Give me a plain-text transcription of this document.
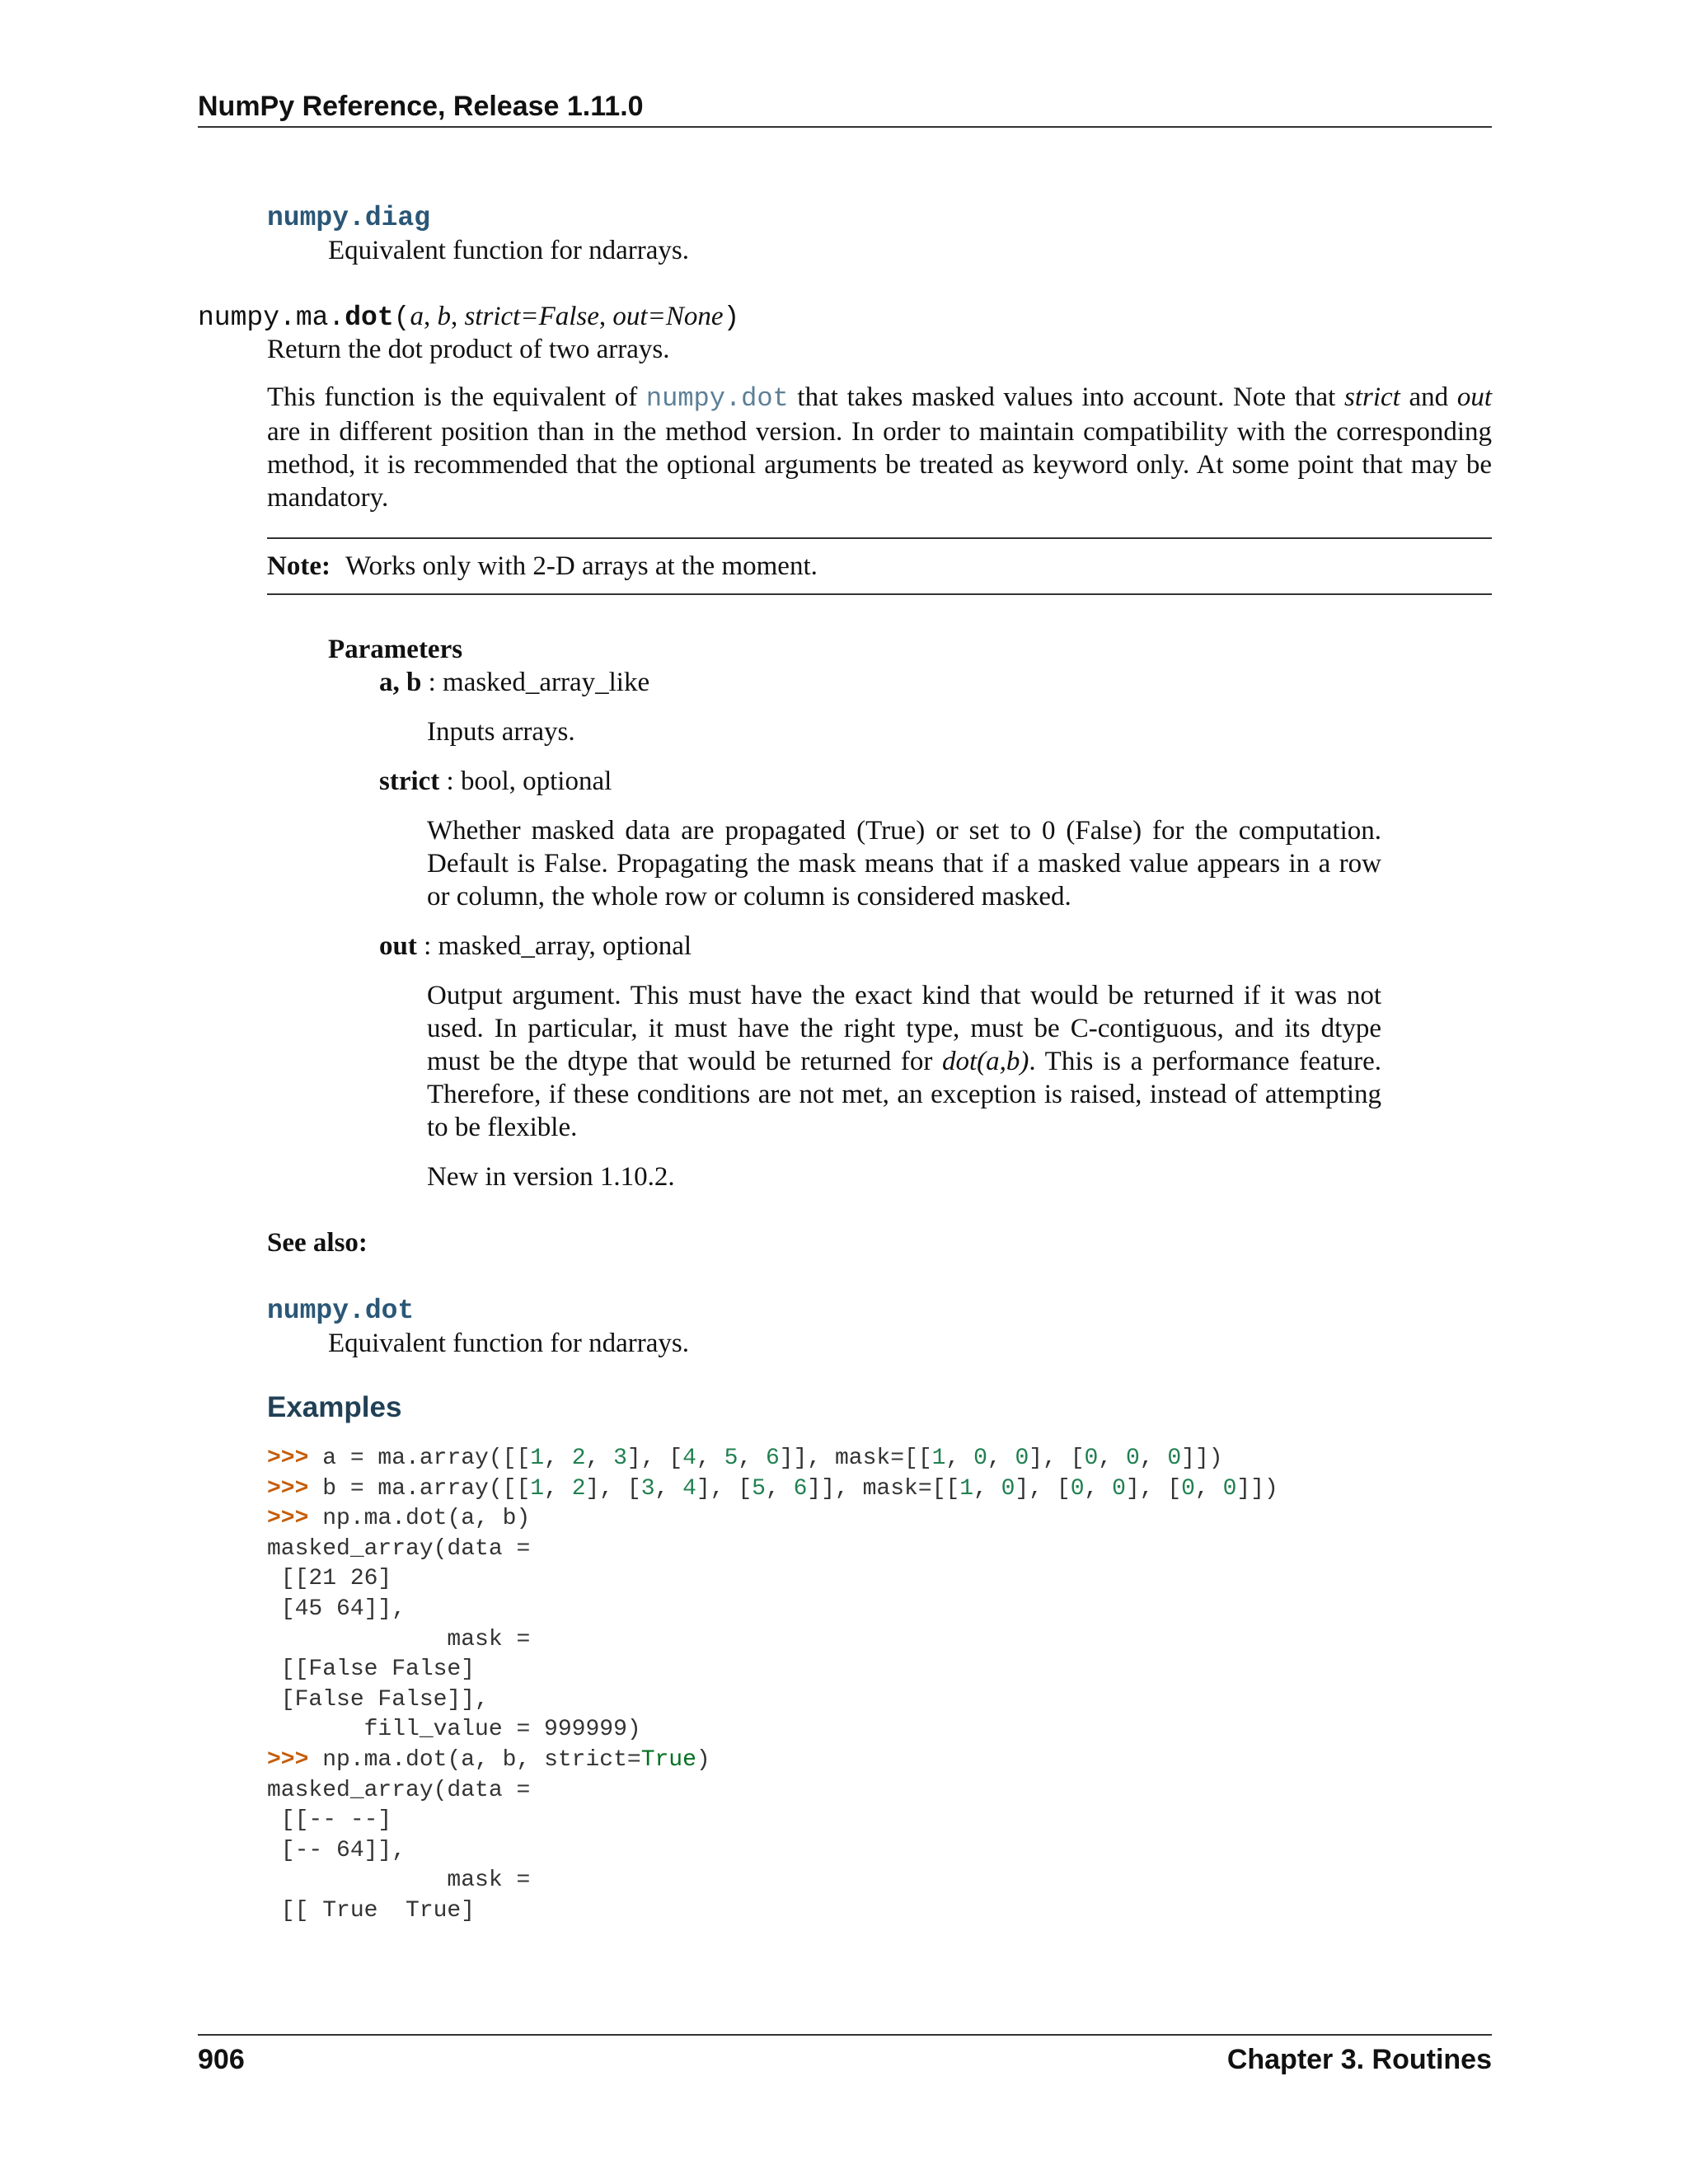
NumPy Reference, Release 1.11.0
numpy.diag
Equivalent function for ndarrays.
numpy.ma.dot(a, b, strict=False, out=None)
Return the dot product of two arrays.
This function is the equivalent of numpy.dot that takes masked values into account. Note that strict and out are in different position than in the method version. In order to maintain compatibility with the corresponding method, it is recommended that the optional arguments be treated as keyword only. At some point that may be mandatory.
Note: Works only with 2-D arrays at the moment.
Parameters
a, b : masked_array_like
Inputs arrays.
strict : bool, optional
Whether masked data are propagated (True) or set to 0 (False) for the computation. Default is False. Propagating the mask means that if a masked value appears in a row or column, the whole row or column is considered masked.
out : masked_array, optional
Output argument. This must have the exact kind that would be returned if it was not used. In particular, it must have the right type, must be C-contiguous, and its dtype must be the dtype that would be returned for dot(a,b). This is a performance feature. Therefore, if these conditions are not met, an exception is raised, instead of attempting to be flexible.
New in version 1.10.2.
See also:
numpy.dot
Equivalent function for ndarrays.
Examples
>>> a = ma.array([[1, 2, 3], [4, 5, 6]], mask=[[1, 0, 0], [0, 0, 0]])
>>> b = ma.array([[1, 2], [3, 4], [5, 6]], mask=[[1, 0], [0, 0], [0, 0]])
>>> np.ma.dot(a, b)
masked_array(data =
[[21 26]
[45 64]],
mask =
[[False False]
[False False]],
fill_value = 999999)
>>> np.ma.dot(a, b, strict=True)
masked_array(data =
[[-- --]
[-- 64]],
mask =
[[ True  True]
906	Chapter 3. Routines
